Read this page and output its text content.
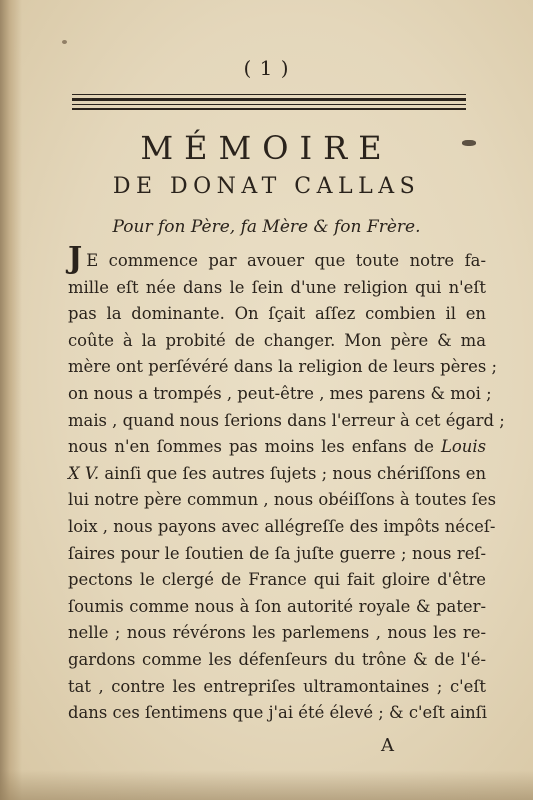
( 1 )
MÉMOIRE
DE DONAT CALLAS
Pour fon Père, fa Mère & fon Frère.
J E commence par avouer que toute notre fa-
mille eſt née dans le ſein d'une religion qui n'eſt
pas la dominante. On ſçait aſſez combien il en
coûte à la probité de changer. Mon père & ma
mère ont perſévéré dans la religion de leurs pères ;
on nous a trompés , peut-être , mes parens & moi ;
mais , quand nous ſerions dans l'erreur à cet égard ;
nous n'en ſommes pas moins les enfans de Louis
X V. ainſi que ſes autres ſujets ; nous chériſſons en
lui notre père commun , nous obéiſſons à toutes ſes
loix , nous payons avec allégreſſe des impôts néceſ-
ſaires pour le ſoutien de ſa juſte guerre ; nous reſ-
pectons le clergé de France qui fait gloire d'être
ſoumis comme nous à ſon autorité royale & pater-
nelle ; nous révérons les parlemens , nous les re-
gardons comme les défenſeurs du trône & de l'é-
tat , contre les entrepriſes ultramontaines ; c'eſt
dans ces ſentimens que j'ai été élevé ; & c'eſt ainſi
A
